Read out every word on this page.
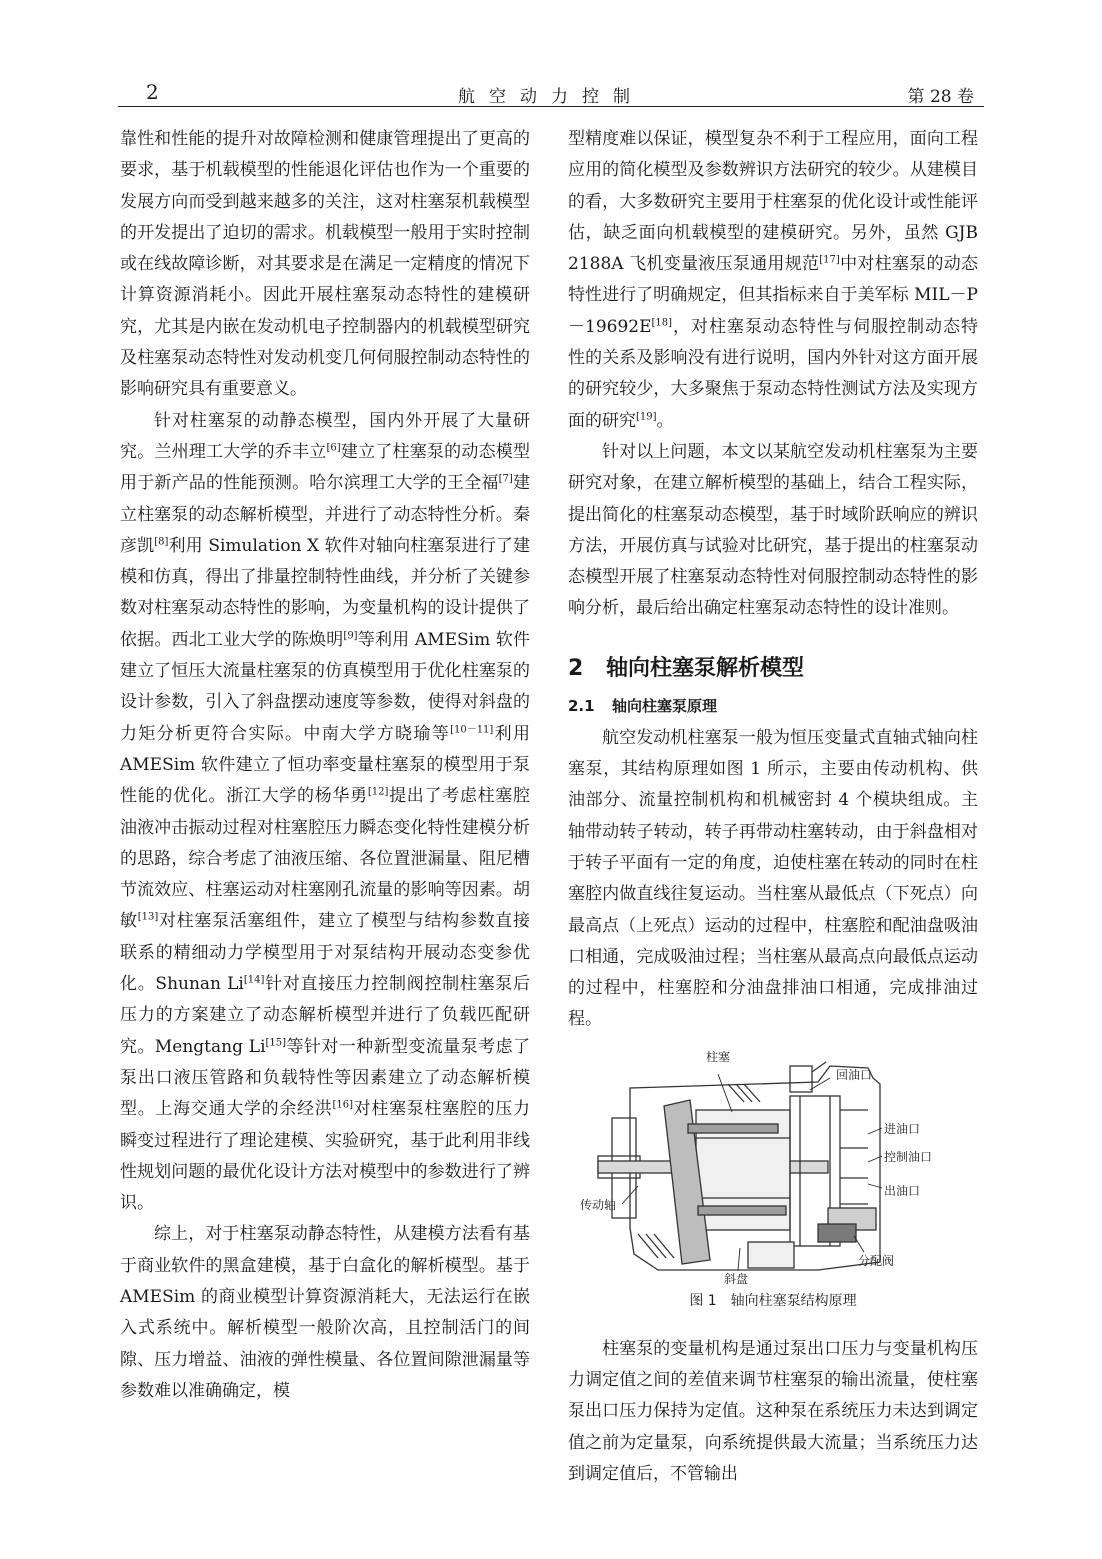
2	航空动力控制	第 28 卷

靠性和性能的提升对故障检测和健康管理提出了更高的要求，基于机载模型的性能退化评估也作为一个重要的发展方向而受到越来越多的关注，这对柱塞泵机载模型的开发提出了迫切的需求。机载模型一般用于实时控制或在线故障诊断，对其要求是在满足一定精度的情况下计算资源消耗小。因此开展柱塞泵动态特性的建模研究，尤其是内嵌在发动机电子控制器内的机载模型研究及柱塞泵动态特性对发动机变几何伺服控制动态特性的影响研究具有重要意义。

针对柱塞泵的动静态模型，国内外开展了大量研究。兰州理工大学的乔丰立[6]建立了柱塞泵的动态模型用于新产品的性能预测。哈尔滨理工大学的王全福[7]建立柱塞泵的动态解析模型，并进行了动态特性分析。秦彦凯[8]利用 Simulation X 软件对轴向柱塞泵进行了建模和仿真，得出了排量控制特性曲线，并分析了关键参数对柱塞泵动态特性的影响，为变量机构的设计提供了依据。西北工业大学的陈焕明[9]等利用 AMESim 软件建立了恒压大流量柱塞泵的仿真模型用于优化柱塞泵的设计参数，引入了斜盘摆动速度等参数，使得对斜盘的力矩分析更符合实际。中南大学方晓瑜等[10－11]利用 AMESim 软件建立了恒功率变量柱塞泵的模型用于泵性能的优化。浙江大学的杨华勇[12]提出了考虑柱塞腔油液冲击振动过程对柱塞腔压力瞬态变化特性建模分析的思路，综合考虑了油液压缩、各位置泄漏量、阻尼槽节流效应、柱塞运动对柱塞刚孔流量的影响等因素。胡敏[13]对柱塞泵活塞组件，建立了模型与结构参数直接联系的精细动力学模型用于对泵结构开展动态变参优化。Shunan Li[14]针对直接压力控制阀控制柱塞泵后压力的方案建立了动态解析模型并进行了负载匹配研究。Mengtang Li[15]等针对一种新型变流量泵考虑了泵出口液压管路和负载特性等因素建立了动态解析模型。上海交通大学的余经洪[16]对柱塞泵柱塞腔的压力瞬变过程进行了理论建模、实验研究，基于此利用非线性规划问题的最优化设计方法对模型中的参数进行了辨识。

综上，对于柱塞泵动静态特性，从建模方法看有基于商业软件的黑盒建模，基于白盒化的解析模型。基于 AMESim 的商业模型计算资源消耗大，无法运行在嵌入式系统中。解析模型一般阶次高，且控制活门的间隙、压力增益、油液的弹性模量、各位置间隙泄漏量等参数难以准确确定，模

型精度难以保证，模型复杂不利于工程应用，面向工程应用的简化模型及参数辨识方法研究的较少。从建模目的看，大多数研究主要用于柱塞泵的优化设计或性能评估，缺乏面向机载模型的建模研究。另外，虽然 GJB 2188A 飞机变量液压泵通用规范[17]中对柱塞泵的动态特性进行了明确规定，但其指标来自于美军标 MIL－P－19692E[18]，对柱塞泵动态特性与伺服控制动态特性的关系及影响没有进行说明，国内外针对这方面开展的研究较少，大多聚焦于泵动态特性测试方法及实现方面的研究[19]。

针对以上问题，本文以某航空发动机柱塞泵为主要研究对象，在建立解析模型的基础上，结合工程实际，提出简化的柱塞泵动态模型，基于时域阶跃响应的辨识方法，开展仿真与试验对比研究，基于提出的柱塞泵动态模型开展了柱塞泵动态特性对伺服控制动态特性的影响分析，最后给出确定柱塞泵动态特性的设计准则。

2 轴向柱塞泵解析模型
2.1 轴向柱塞泵原理

航空发动机柱塞泵一般为恒压变量式直轴式轴向柱塞泵，其结构原理如图 1 所示，主要由传动机构、供油部分、流量控制机构和机械密封 4 个模块组成。主轴带动转子转动，转子再带动柱塞转动，由于斜盘相对于转子平面有一定的角度，迫使柱塞在转动的同时在柱塞腔内做直线往复运动。当柱塞从最低点（下死点）向最高点（上死点）运动的过程中，柱塞腔和配油盘吸油口相通，完成吸油过程；当柱塞从最高点向最低点运动的过程中，柱塞腔和分油盘排油口相通，完成排油过程。

柱塞
回油口
进油口
控制油口
出油口
传动轴
分配阀
斜盘
图 1 轴向柱塞泵结构原理

柱塞泵的变量机构是通过泵出口压力与变量机构压力调定值之间的差值来调节柱塞泵的输出流量，使柱塞泵出口压力保持为定值。这种泵在系统压力未达到调定值之前为定量泵，向系统提供最大流量；当系统压力达到调定值后，不管输出
